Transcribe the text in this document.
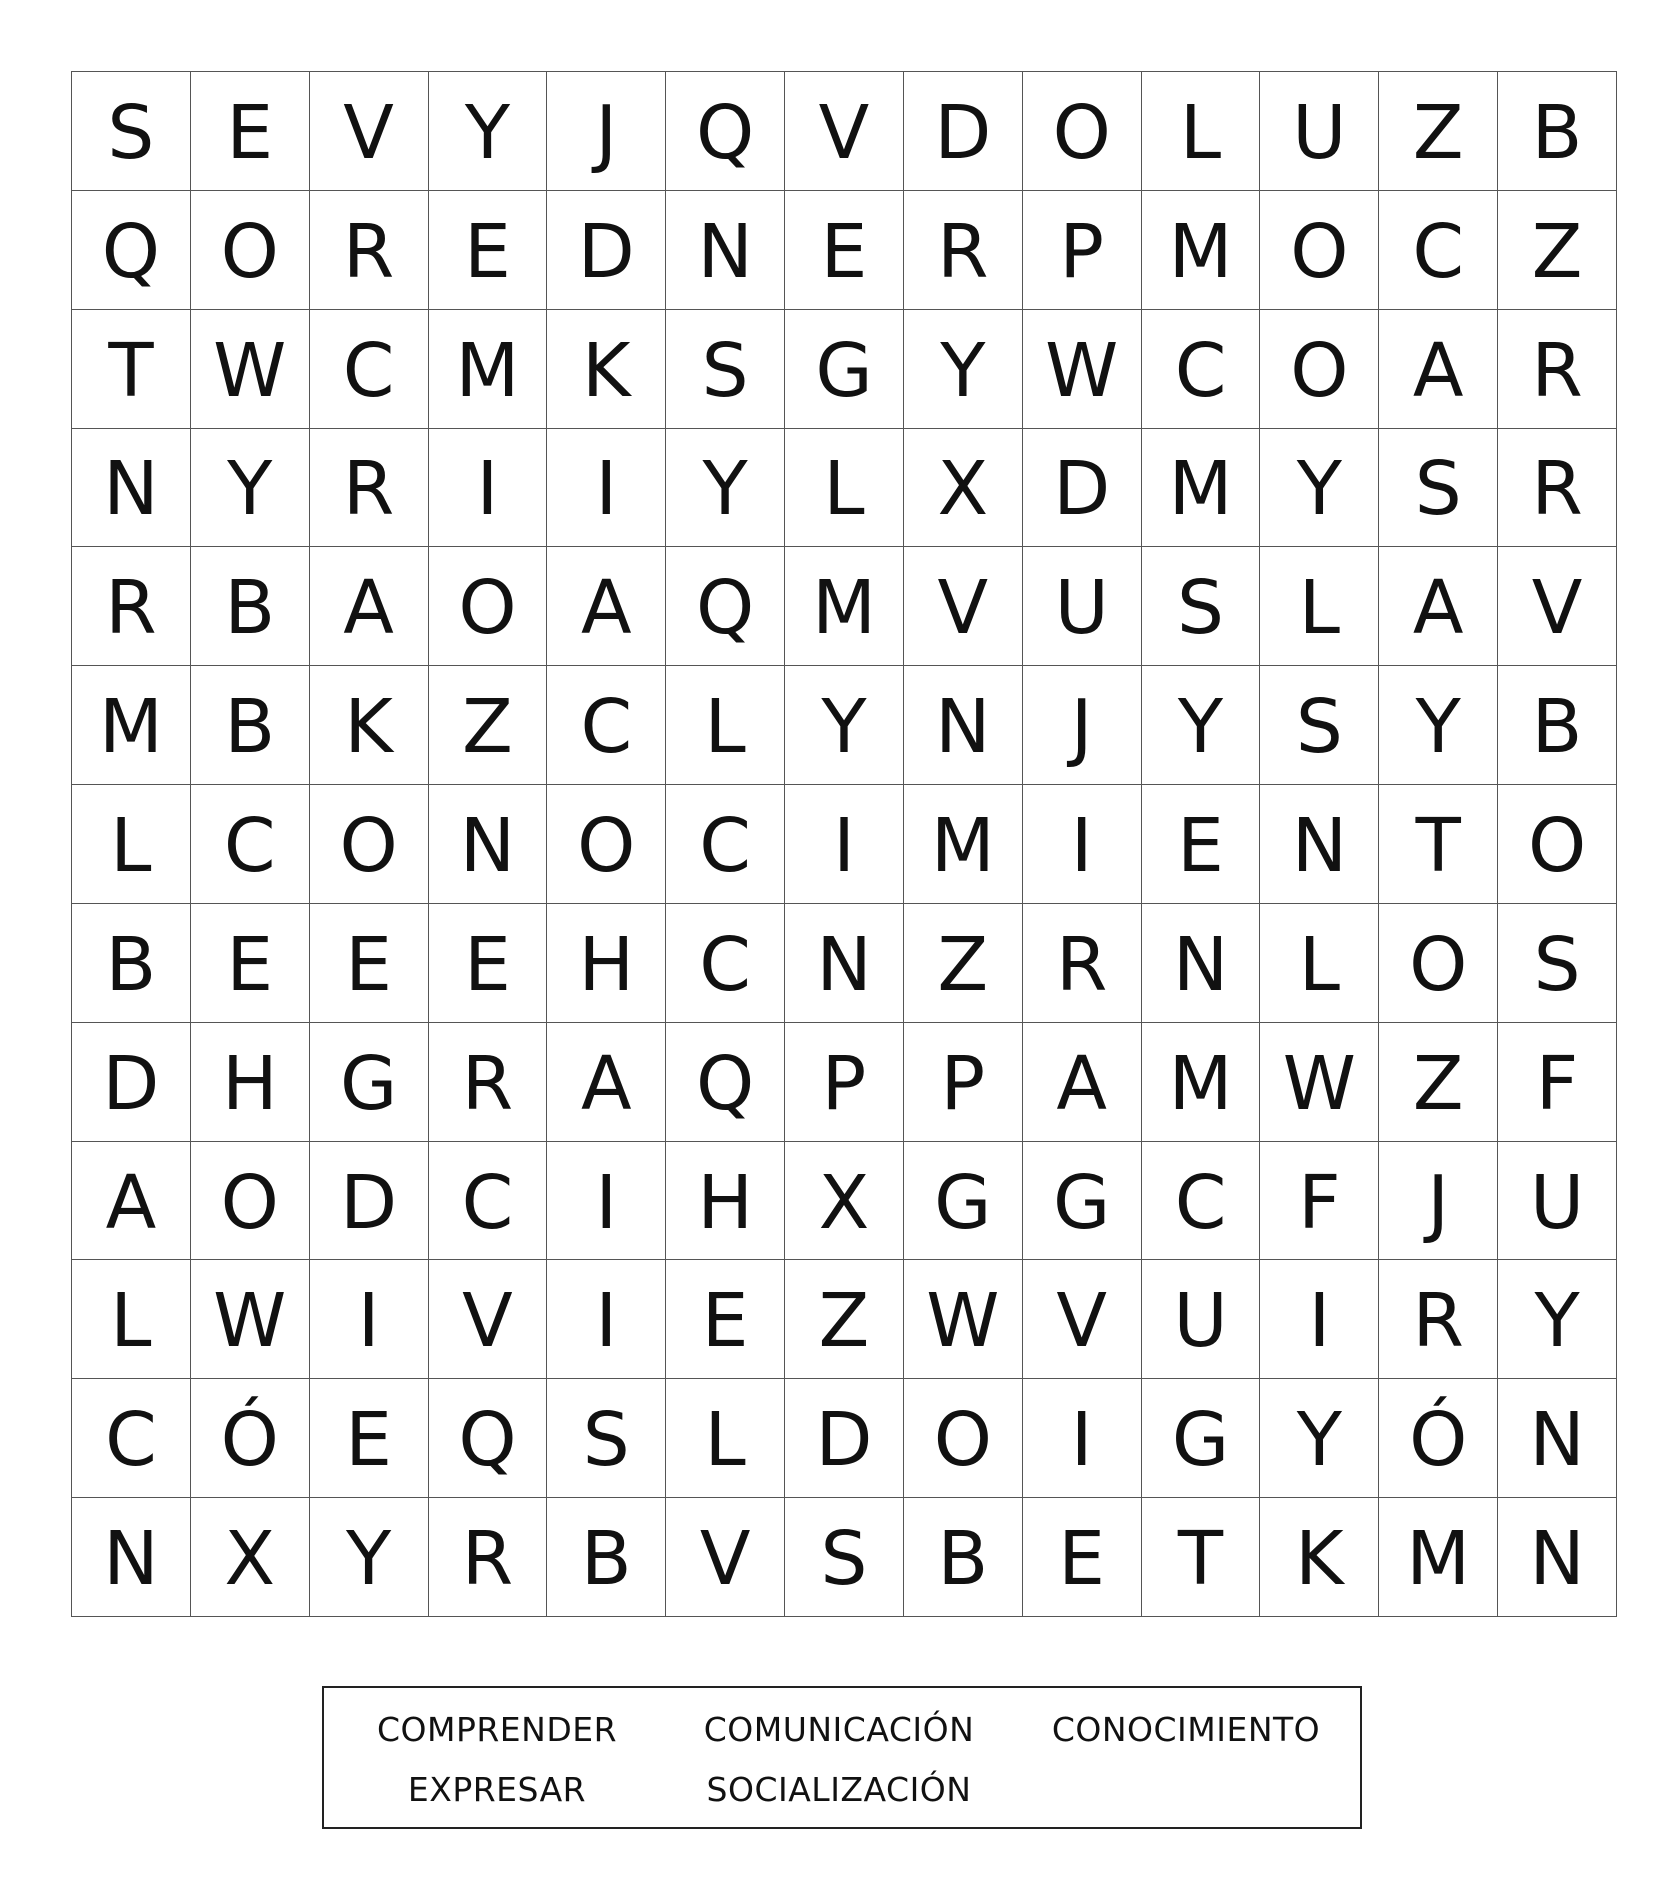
S E V Y	J	Q V D O L U Z B
Q O R E D N E R P M O C Z
T W C M K S G Y W C O A R
N Y R	I	I	Y	L X D M Y S R
R B A O A Q M V U S	L A V
M B K Z C L	Y N	J	Y S Y B
L C O N O C	I	M	I	E N T O
B E E E H C N Z R N L O S
D H G R A Q P	P A M W Z F
A O D C	I	H X G G C F	J	U
L W I	V	I	E Z W V U	I	R Y
C Ó E Q S	L D O	I	G Y Ó N
N X Y R B V S B E T K M N
COMPRENDER	COMUNICACIÓN	CONOCIMIENTO
EXPRESAR	SOCIALIZACIÓN
